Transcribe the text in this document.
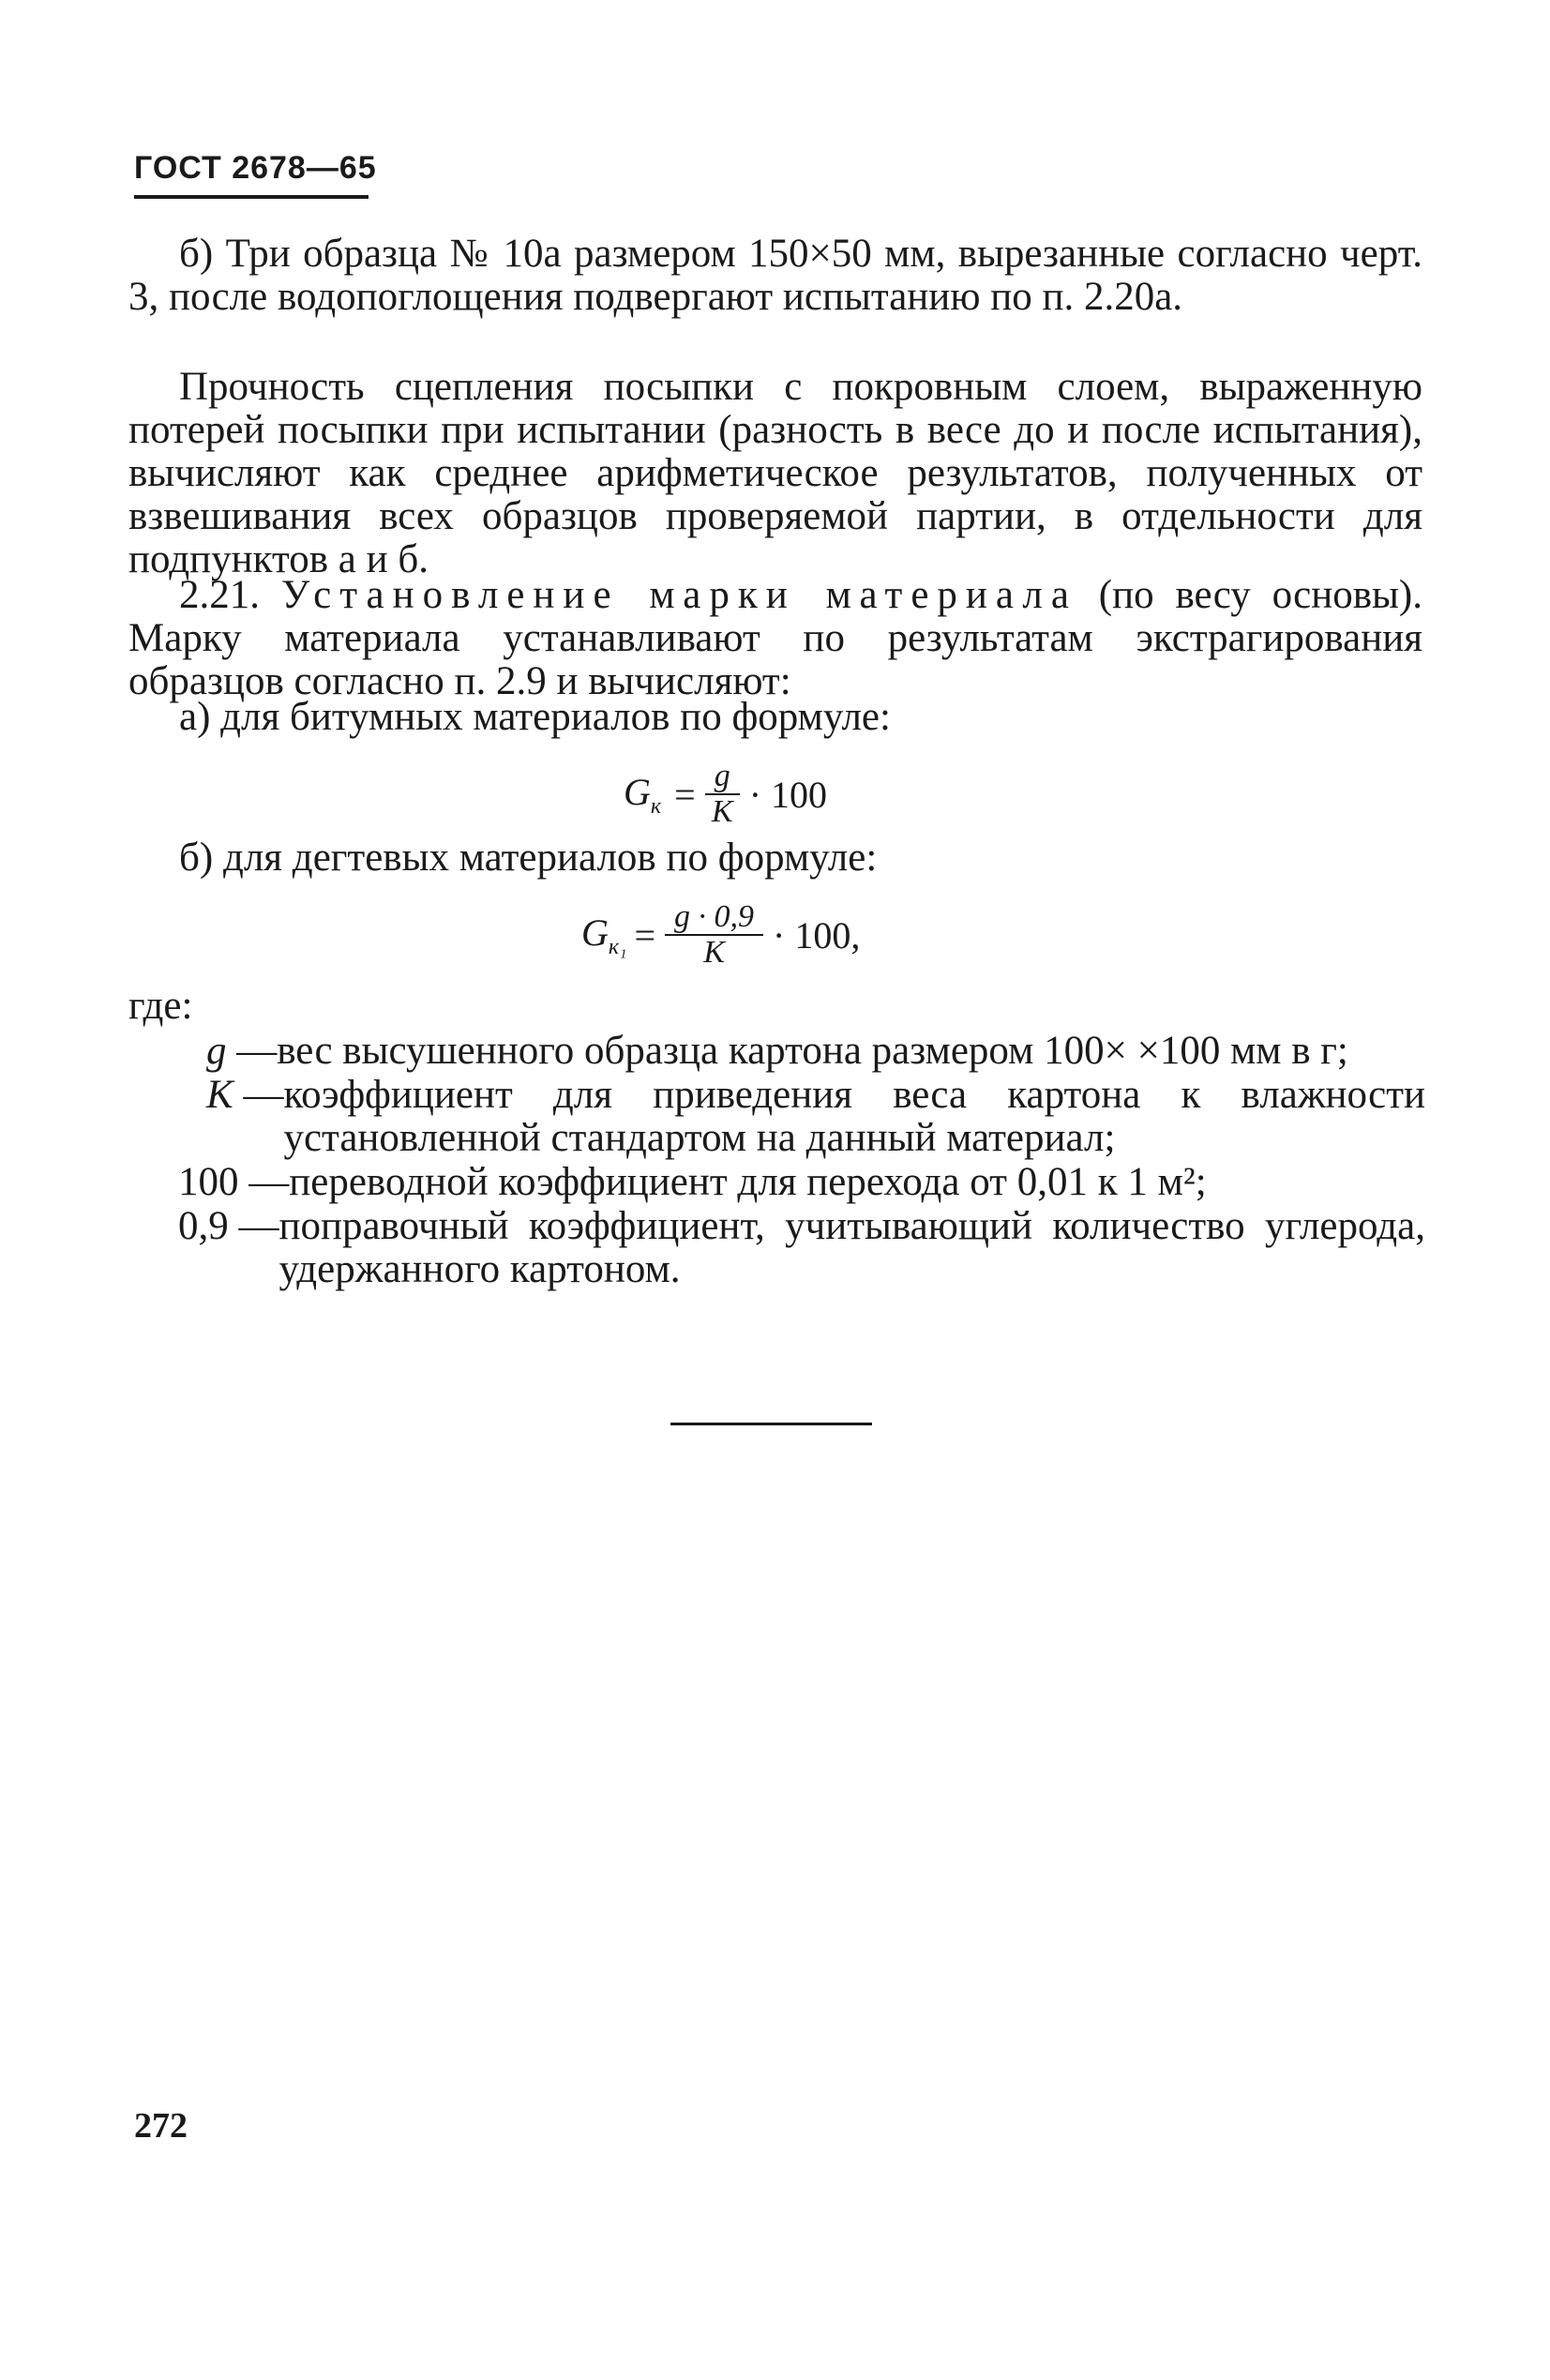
ГОСТ 2678—65
б) Три образца № 10а размером 150×50 мм, вырезанные согласно черт. 3, после водопоглощения подвергают испытанию по п. 2.20а.
Прочность сцепления посыпки с покровным слоем, выраженную потерей посыпки при испытании (разность в весе до и после испытания), вычисляют как среднее арифметическое результатов, полученных от взвешивания всех образцов проверяемой партии, в отдельности для подпунктов а и б.
2.21. Установление марки материала (по весу основы). Марку материала устанавливают по результатам экстрагирования образцов согласно п. 2.9 и вычисляют:
а) для битумных материалов по формуле:
$G_к = \frac{g}{K} \cdot 100$
б) для дегтевых материалов по формуле:
$G_{к_1} = \frac{g \cdot 0,9}{K} \cdot 100$,
где:
g — вес высушенного образца картона размером 100× ×100 мм в г;
K — коэффициент для приведения веса картона к влажности установленной стандартом на данный материал;
100 — переводной коэффициент для перехода от 0,01 к 1 м²;
0,9 — поправочный коэффициент, учитывающий количество углерода, удержанного картоном.
272
